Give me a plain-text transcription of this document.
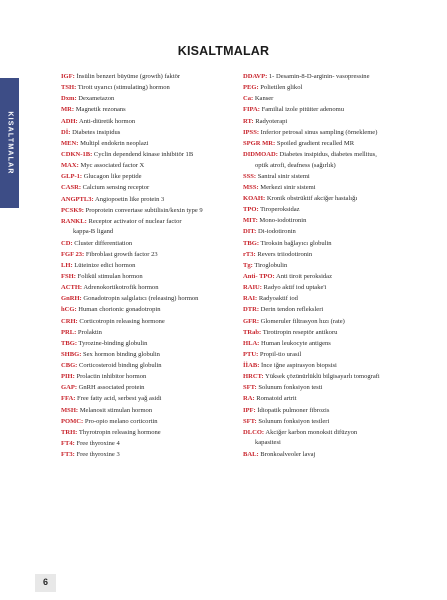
KISALTMALAR
KISALTMALAR
IGF: İnsülin benzeri büyüme (growth) faktör
TSH: Tiroit uyarıcı (stimulating) hormon
Dxm: Dexametazon
MR: Magnetik rezonans
ADH: Anti-diüretik hormon
Dİ: Diabetes insipidus
MEN: Multipl endokrin neoplazi
CDKN-1B: Cyclin dependend kinase inhibitör 1B
MAX: Myc associated factor X
GLP-1: Glucagon like peptide
CASR: Calcium sensing receptor
ANGPTL3: Angiopoetin like protein 3
PCSK9: Proprotein convertase subtilisin/kexin type 9
RANKL: Receptor activator of nuclear factor
kappa-B ligand
CD: Cluster differentiation
FGF 23: Fibroblast growth factor 23
LH: Lüteinize edici hormon
FSH: Folikül stimulan hormon
ACTH: Adrenokortikotrofik hormon
GnRH: Gonadotropin salgılatıcı (releasing) hormon
hCG: Human chorionic gonadotropin
CRH: Corticotropin releasing hormone
PRL: Prolaktin
TBG: Tyrozine-binding globulin
SHBG: Sex hormon binding globulin
CBG: Corticosteroid binding globulin
PIH: Prolactin inhibitor hormon
GAP: GnRH associated protein
FFA: Free fatty acid, serbest yağ asidi
MSH: Melanosit stimulan hormon
POMC: Pro-opio melano corticortin
TRH: Thyrotropin releasing hormone
FT4: Free thyroxine 4
FT3: Free thyroxine 3
DDAVP: 1- Desamin-8-D-arginin- vasopressine
PEG: Polietilen glikol
Ca: Kanser
FIPA: Familial izole pitüiter adenomu
RT: Radyoterapi
IPSS: Inferior petrosal sinus sampling (örnekleme)
SPGR MR: Spoiled gradient recalled MR
DIDMOAD: Diabetes insipidus, diabetes mellitus,
optik atrofi, deafness (sağırlık)
SSS: Santral sinir sistemi
MSS: Merkezi sinir sistemi
KOAH: Kronik obstrüktif akciğer hastalığı
TPO: Tiroperoksidaz
MIT: Mono-iodotironin
DIT: Di-iodotironin
TBG: Tiroksin bağlayıcı globulin
rT3: Revers triiodotironin
Tg: Tiroglobulin
Anti- TPO: Anti tiroit peroksidaz
RAIU: Radyo aktif iod uptake'i
RAI: Radyoaktif iod
DTR: Derin tendon refleksleri
GFR: Glomeruler filtrasyon hızı (rate)
TRab: Tirotiropin reseptör antikoru
HLA: Human leukocyte antigens
PTU: Propil-tio urasil
İİAB: İnce iğne aspirasyon biopsisi
HRCT: Yüksek çözünürlüklü bilgisayarlı tomografi
SFT: Solunum fonksiyon testi
RA: Romatoid artrit
IPF: İdiopatik pulmoner fibrozis
SFT: Solunum fonksiyon testleri
DLCO: Akciğer karbon monoksit difüzyon
kapasitesi
BAL: Bronkoalveoler lavaj
6
